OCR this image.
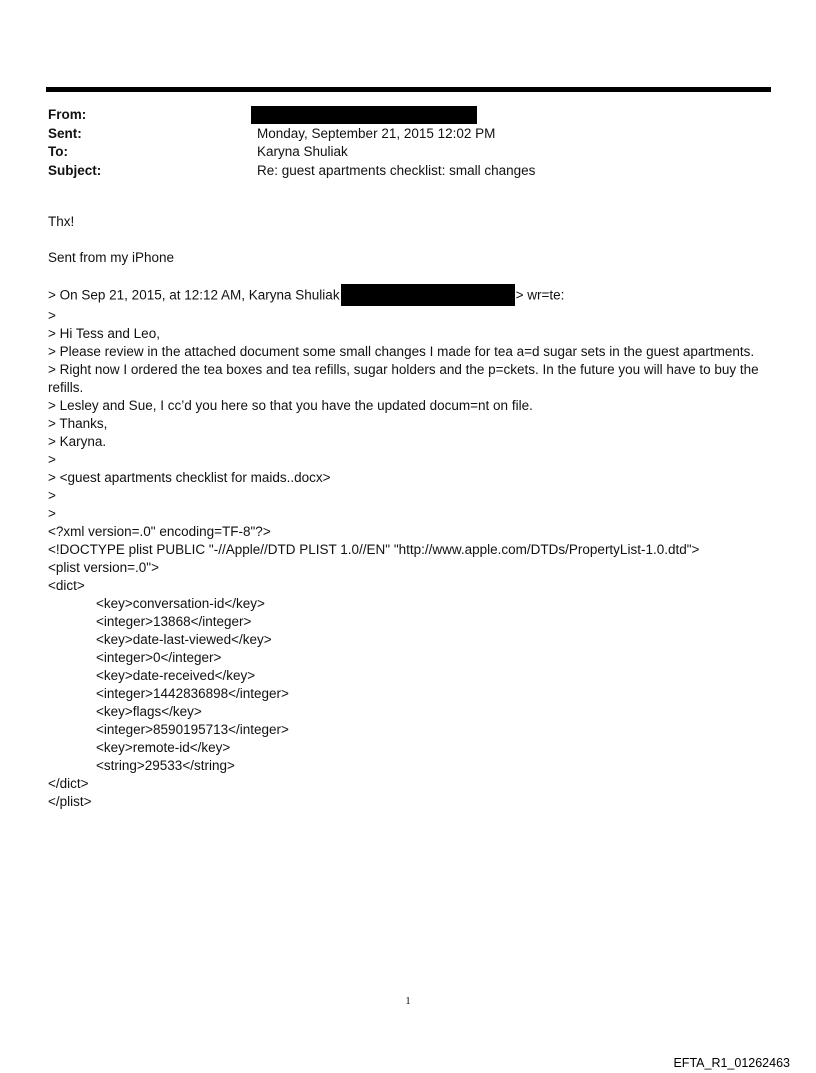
From:
Sent:	Monday, September 21, 2015 12:02 PM
To:	Karyna Shuliak
Subject:	Re: guest apartments checklist: small changes
Thx!
Sent from my iPhone
> On Sep 21, 2015, at 12:12 AM, Karyna Shuliak	> wr=te:
>
> Hi Tess and Leo,
> Please review in the attached document some small changes I made for tea a=d sugar sets in the guest apartments.
> Right now I ordered the tea boxes and tea refills, sugar holders and the p=ckets. In the future you will have to buy the refills.
> Lesley and Sue, I cc’d you here so that you have the updated docum=nt on file.
> Thanks,
> Karyna.
>
> <guest apartments checklist for maids..docx>
>
>
<?xml version=.0" encoding=TF-8"?>
<!DOCTYPE plist PUBLIC "-//Apple//DTD PLIST 1.0//EN" "http://www.apple.com/DTDs/PropertyList-1.0.dtd">
<plist version=.0">
<dict>
<key>conversation-id</key>
<integer>13868</integer>
<key>date-last-viewed</key>
<integer>0</integer>
<key>date-received</key>
<integer>1442836898</integer>
<key>flags</key>
<integer>8590195713</integer>
<key>remote-id</key>
<string>29533</string>
</dict>
</plist>
1
EFTA_R1_01262463
